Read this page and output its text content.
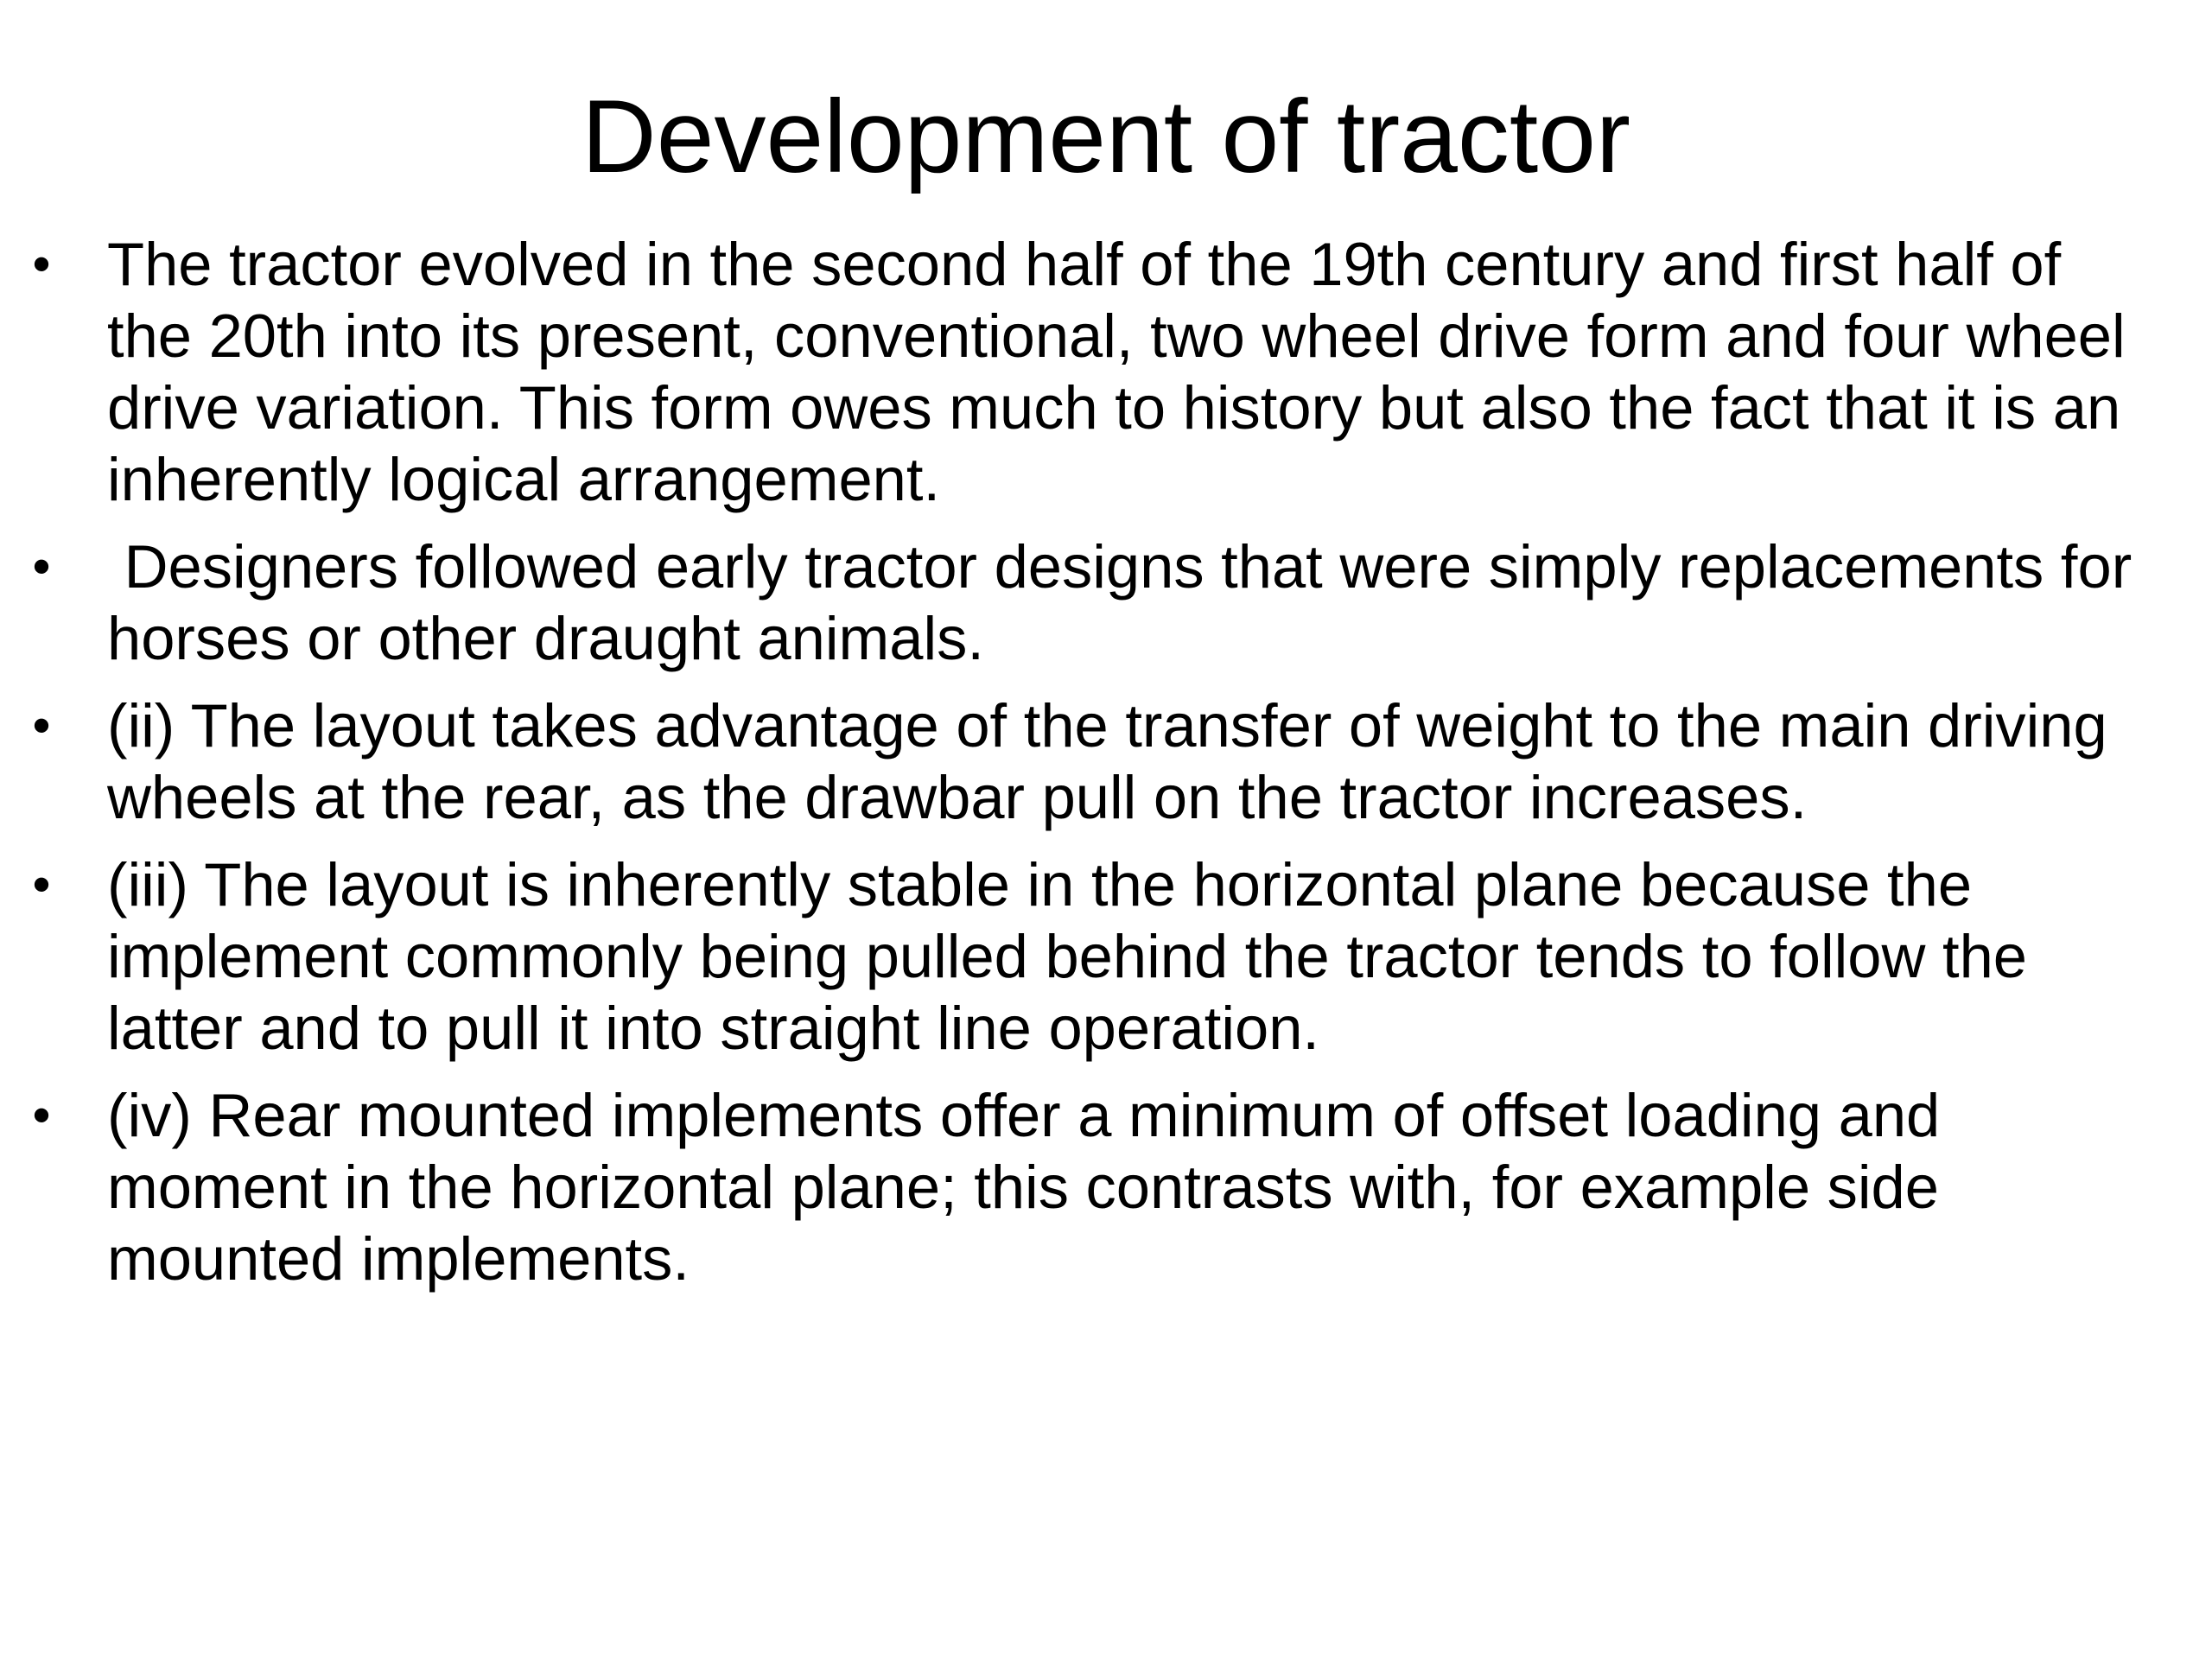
Development of tractor
• The tractor evolved in the second half of the 19th century and first half of the 20th into its present, conventional, two wheel drive form and four wheel drive variation. This form owes much to history but also the fact that it is an inherently logical arrangement.
• Designers followed early tractor designs that were simply replacements for horses or other draught animals.
• (ii) The layout takes advantage of the transfer of weight to the main driving wheels at the rear, as the drawbar pull on the tractor increases.
• (iii) The layout is inherently stable in the horizontal plane because the implement commonly being pulled behind the tractor tends to follow the latter and to pull it into straight line operation.
• (iv) Rear mounted implements offer a minimum of offset loading and moment in the horizontal plane; this contrasts with, for example side mounted implements.
